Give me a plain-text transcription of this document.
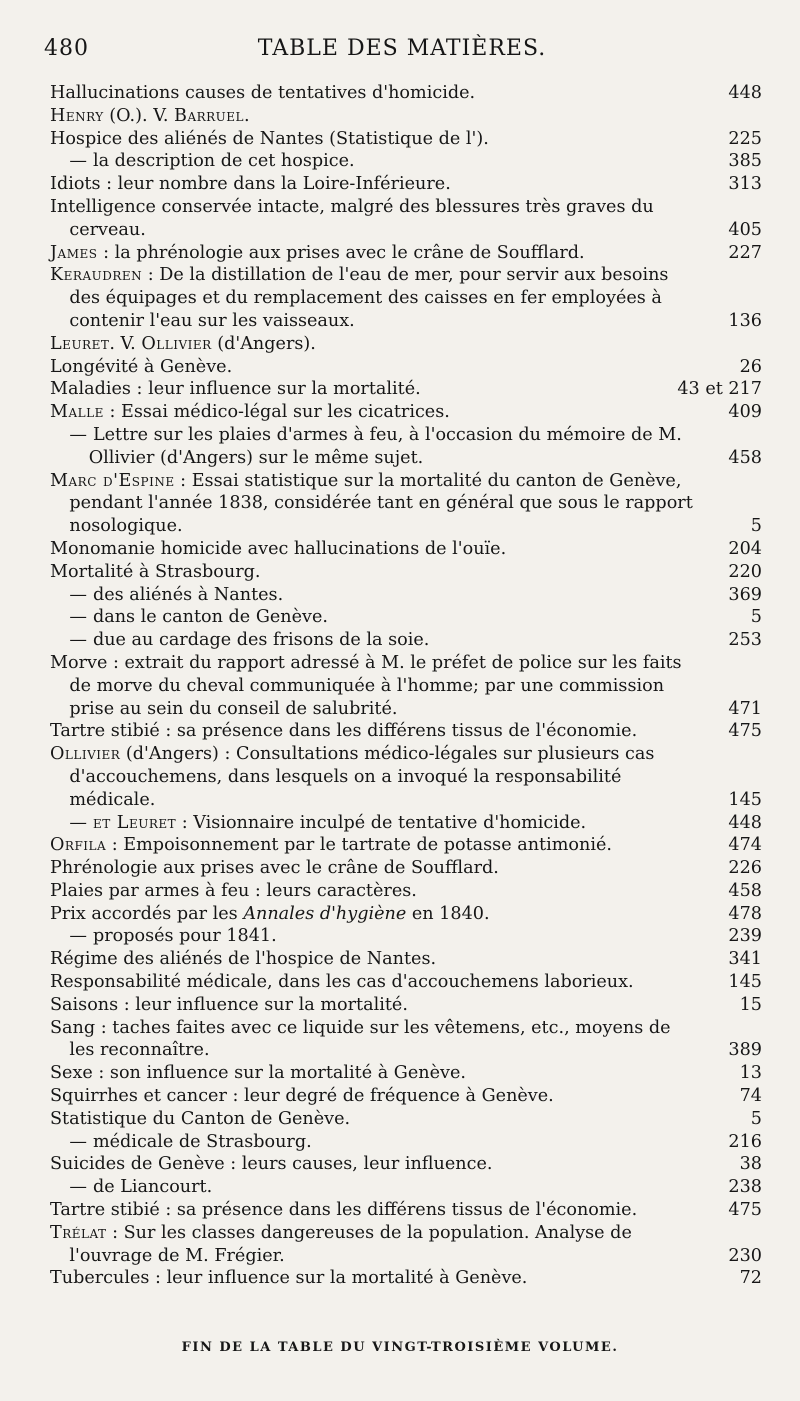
480	TABLE DES MATIÈRES.
Hallucinations causes de tentatives d'homicide.	448
Henry (O.). V. Barruel.
Hospice des aliénés de Nantes (Statistique de l').	225
— la description de cet hospice.	385
Idiots : leur nombre dans la Loire-Inférieure.	313
Intelligence conservée intacte, malgré des blessures très graves du cerveau.	405
James : la phrénologie aux prises avec le crâne de Soufflard.	227
Keraudren : De la distillation de l'eau de mer, pour servir aux besoins des équipages et du remplacement des caisses en fer employées à contenir l'eau sur les vaisseaux.	136
Leuret. V. Ollivier (d'Angers).
Longévité à Genève.	26
Maladies : leur influence sur la mortalité.	43 et 217
Malle : Essai médico-légal sur les cicatrices.	409
— Lettre sur les plaies d'armes à feu, à l'occasion du mémoire de M. Ollivier (d'Angers) sur le même sujet.	458
Marc d'Espine : Essai statistique sur la mortalité du canton de Genève, pendant l'année 1838, considérée tant en général que sous le rapport nosologique.	5
Monomanie homicide avec hallucinations de l'ouïe.	204
Mortalité à Strasbourg.	220
— des aliénés à Nantes.	369
— dans le canton de Genève.	5
— due au cardage des frisons de la soie.	253
Morve : extrait du rapport adressé à M. le préfet de police sur les faits de morve du cheval communiquée à l'homme; par une commission prise au sein du conseil de salubrité.	471
Tartre stibié : sa présence dans les différens tissus de l'économie.	475
Ollivier (d'Angers) : Consultations médico-légales sur plusieurs cas d'accouchemens, dans lesquels on a invoqué la responsabilité médicale.	145
— et Leuret : Visionnaire inculpé de tentative d'homicide.	448
Orfila : Empoisonnement par le tartrate de potasse antimonié.	474
Phrénologie aux prises avec le crâne de Soufflard.	226
Plaies par armes à feu : leurs caractères.	458
Prix accordés par les Annales d'hygiène en 1840.	478
— proposés pour 1841.	239
Régime des aliénés de l'hospice de Nantes.	341
Responsabilité médicale, dans les cas d'accouchemens laborieux.	145
Saisons : leur influence sur la mortalité.	15
Sang : taches faites avec ce liquide sur les vêtemens, etc., moyens de les reconnaître.	389
Sexe : son influence sur la mortalité à Genève.	13
Squirrhes et cancer : leur degré de fréquence à Genève.	74
Statistique du Canton de Genève.	5
— médicale de Strasbourg.	216
Suicides de Genève : leurs causes, leur influence.	38
— de Liancourt.	238
Tartre stibié : sa présence dans les différens tissus de l'économie.	475
Trélat : Sur les classes dangereuses de la population. Analyse de l'ouvrage de M. Frégier.	230
Tubercules : leur influence sur la mortalité à Genève.	72
FIN DE LA TABLE DU VINGT-TROISIÈME VOLUME.
